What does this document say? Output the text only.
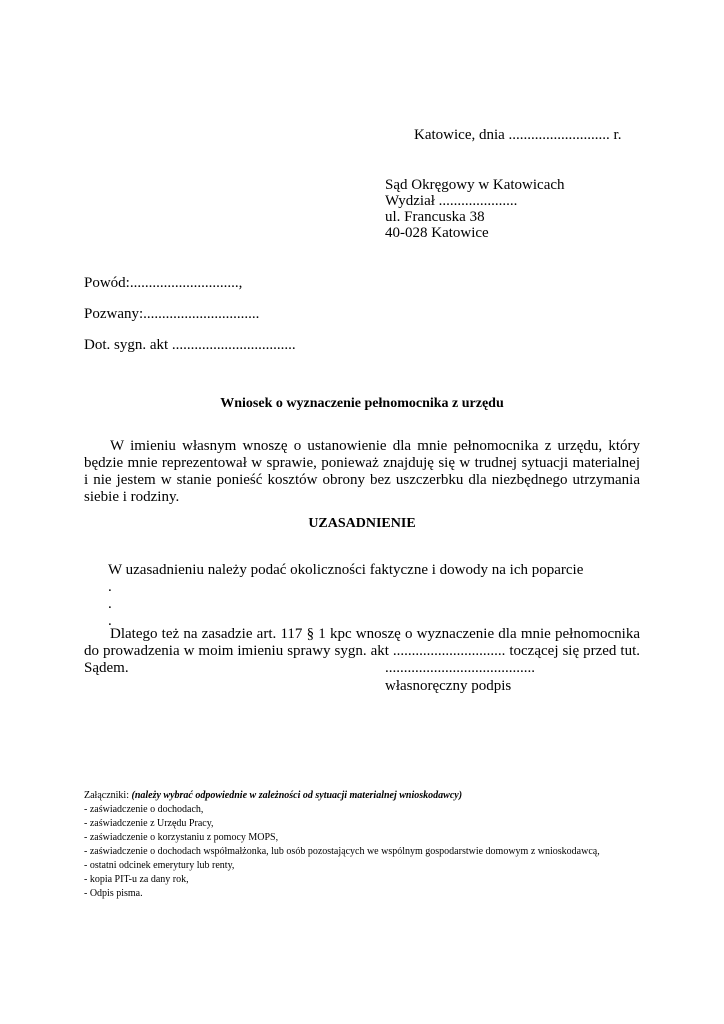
Katowice, dnia ........................... r.
Sąd Okręgowy w Katowicach
Wydział .....................
ul. Francuska 38
40-028 Katowice
Powód:.............................,
Pozwany:...............................
Dot. sygn. akt .................................
Wniosek o wyznaczenie pełnomocnika z urzędu
W imieniu własnym wnoszę o ustanowienie dla mnie pełnomocnika z urzędu, który będzie mnie reprezentował w sprawie, ponieważ znajduję się w trudnej sytuacji materialnej i nie jestem w stanie ponieść kosztów obrony bez uszczerbku dla niezbędnego utrzymania siebie i rodziny.
UZASADNIENIE
W uzasadnieniu należy podać okoliczności faktyczne i dowody na ich poparcie
.
.
.
Dlatego też na zasadzie art. 117 § 1 kpc wnoszę o wyznaczenie dla mnie pełnomocnika do prowadzenia w moim imieniu sprawy sygn. akt .............................. toczącej się przed tut. Sądem.	........................................
własnoręczny podpis
Załączniki: (należy wybrać odpowiednie w zależności od sytuacji materialnej wnioskodawcy)
- zaświadczenie o dochodach,
- zaświadczenie z Urzędu Pracy,
- zaświadczenie o korzystaniu z pomocy MOPS,
- zaświadczenie o dochodach współmałżonka, lub osób pozostających we wspólnym gospodarstwie domowym z wnioskodawcą,
- ostatni odcinek emerytury lub renty,
- kopia PIT-u za dany rok,
- Odpis pisma.
